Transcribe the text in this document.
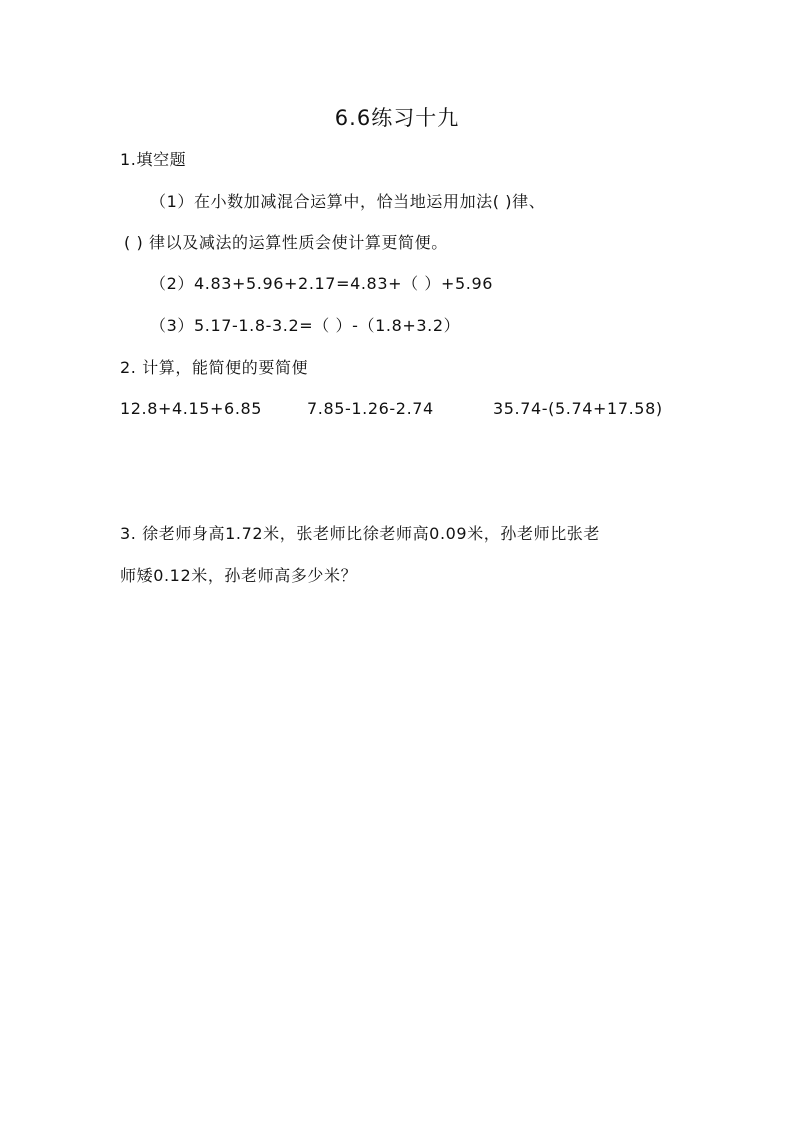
6.6练习十九
1.填空题
（1）在小数加减混合运算中，恰当地运用加法( )律、
( ) 律以及减法的运算性质会使计算更简便。
（2）4.83+5.96+2.17=4.83+（ ）+5.96
（3）5.17-1.8-3.2=（ ）-（1.8+3.2）
2. 计算，能简便的要简便
12.8+4.15+6.85	7.85-1.26-2.74	35.74-(5.74+17.58)
3. 徐老师身高1.72米，张老师比徐老师高0.09米，孙老师比张老
师矮0.12米，孙老师高多少米？
